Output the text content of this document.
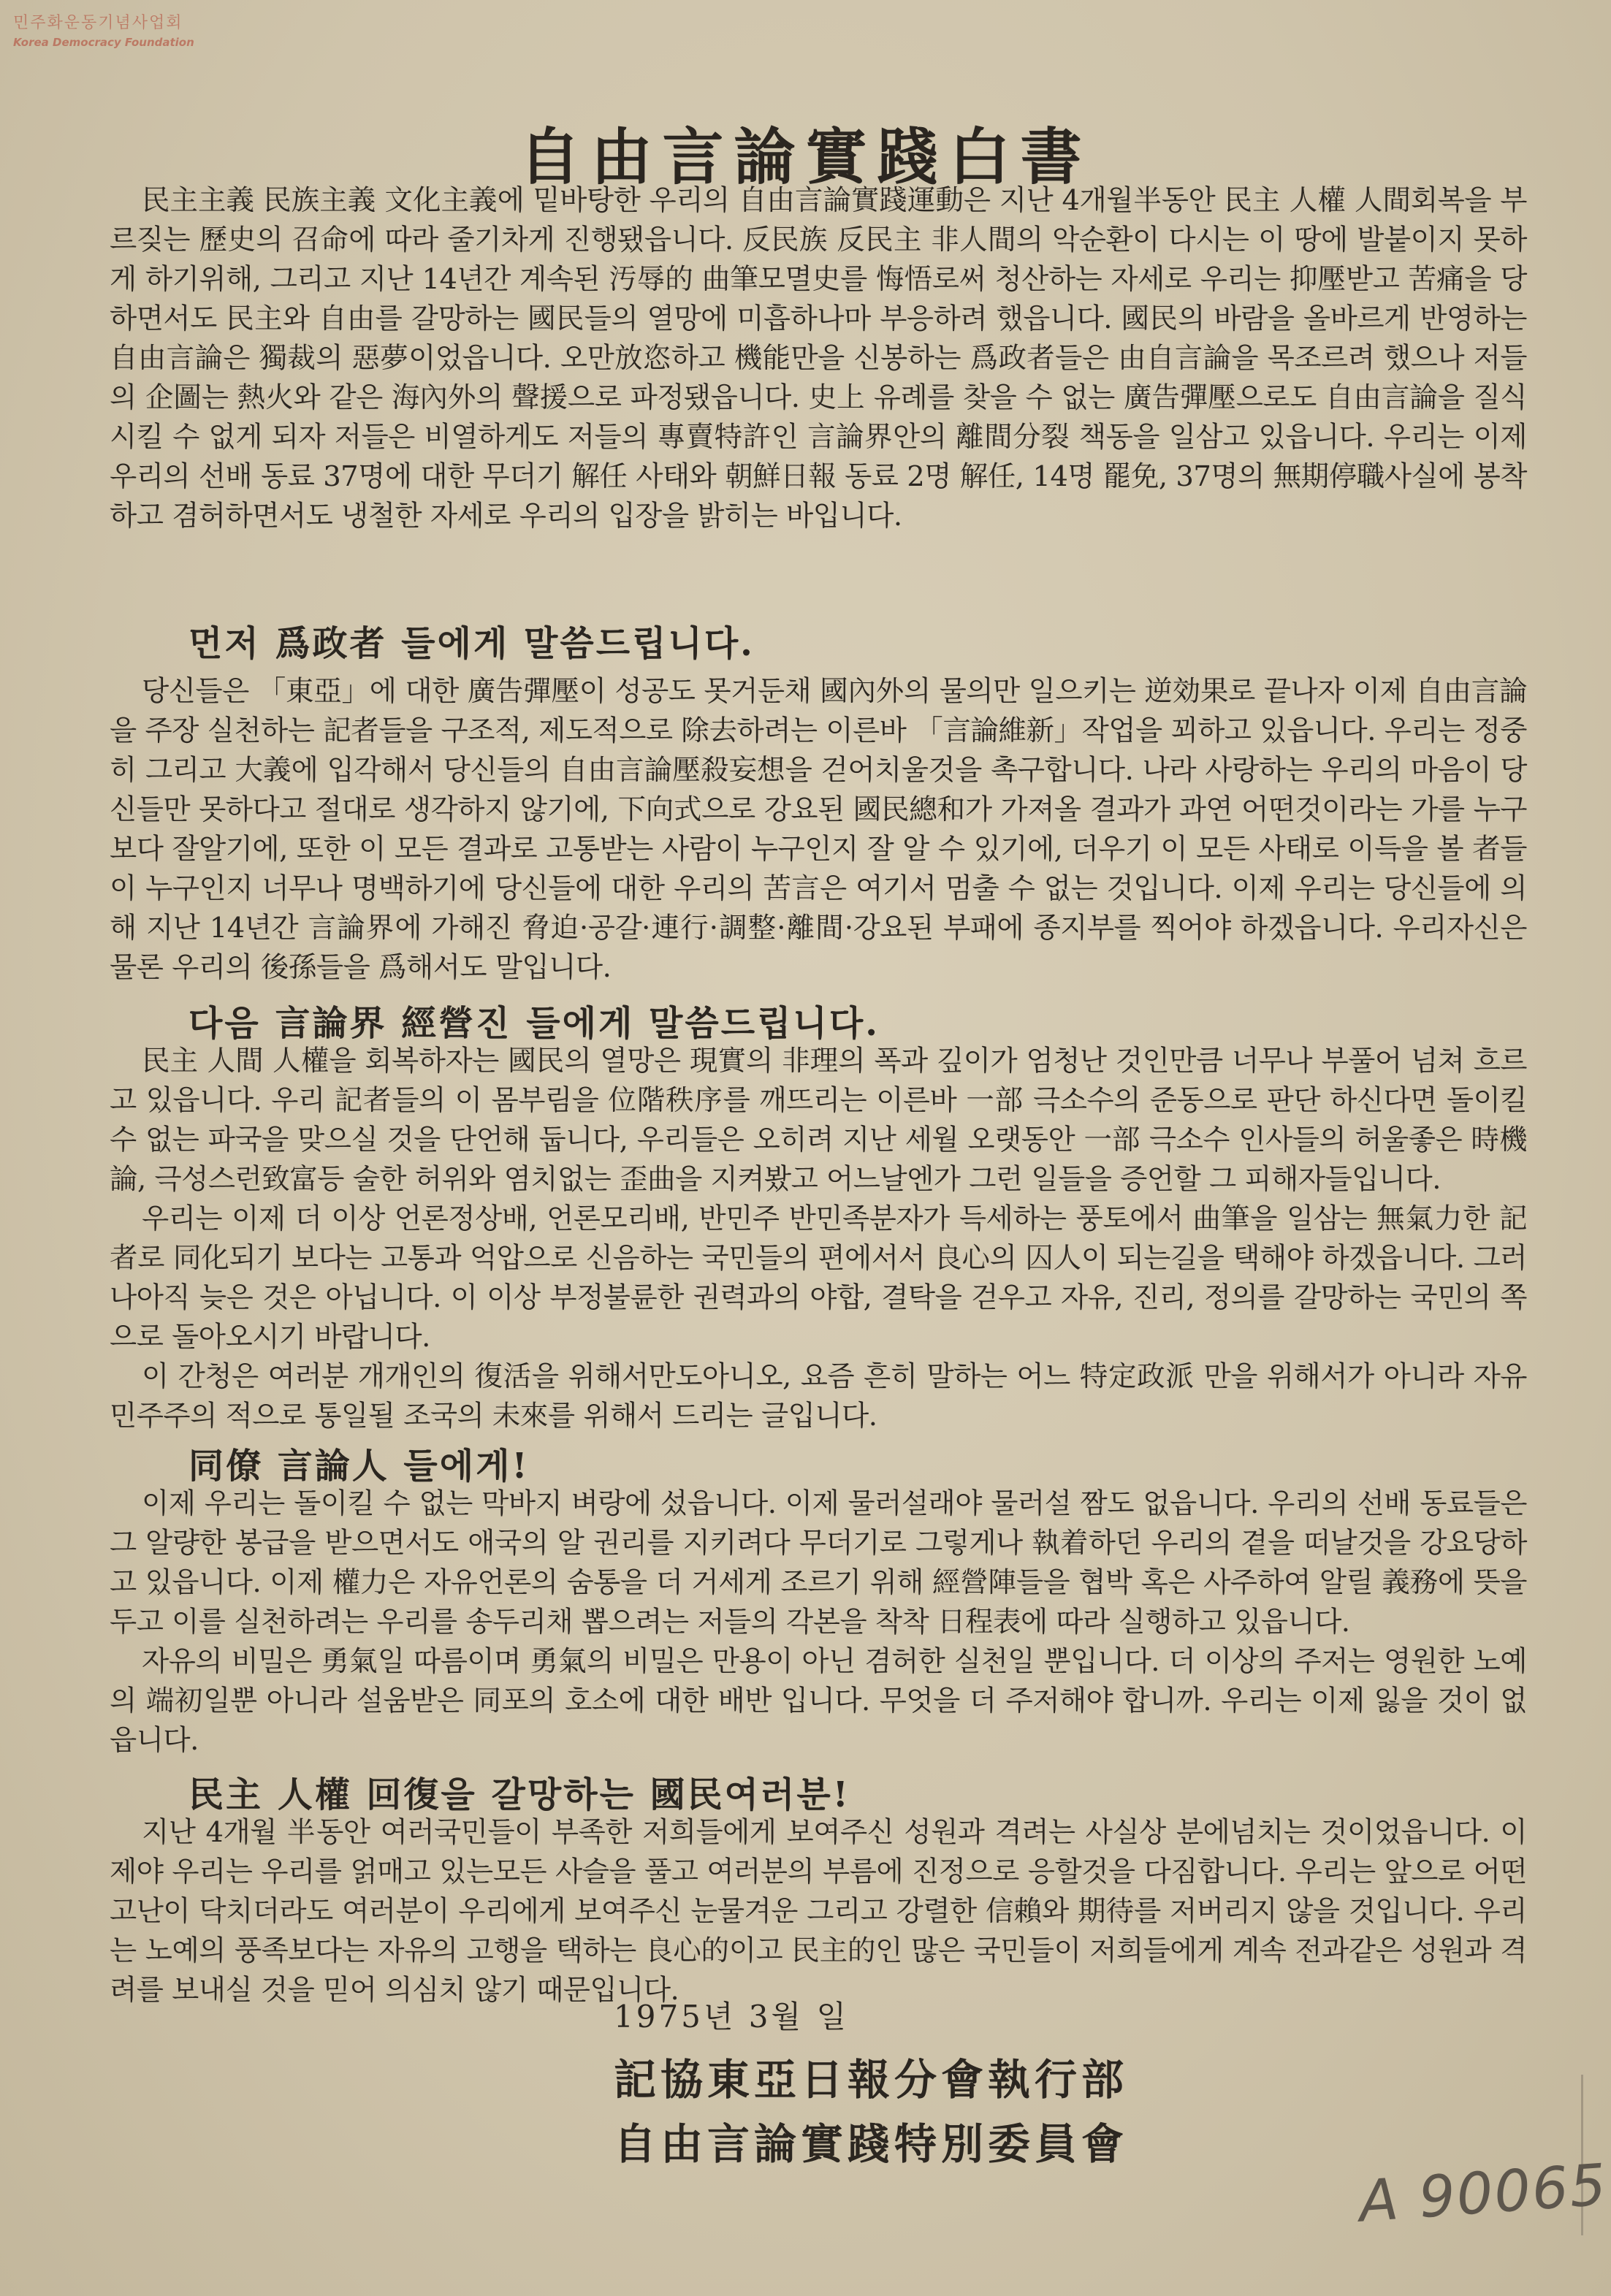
민주화운동기념사업회
Korea Democracy Foundation
自由言論實踐白書

民主主義 民族主義 文化主義에 밑바탕한 우리의 自由言論實踐運動은 지난 4개월半동안 民主 人權 人間회복을 부르짖는 歷史의 召命에 따라 줄기차게 진행됐읍니다. 反民族 反民主 非人間의 악순환이 다시는 이 땅에 발붙이지 못하게 하기위해, 그리고 지난 14년간 계속된 汚辱的 曲筆모멸史를 悔悟로써 청산하는 자세로 우리는 抑壓받고 苦痛을 당하면서도 民主와 自由를 갈망하는 國民들의 열망에 미흡하나마 부응하려 했읍니다. 國民의 바람을 올바르게 반영하는 自由言論은 獨裁의 惡夢이었읍니다. 오만放恣하고 機能만을 신봉하는 爲政者들은 由自言論을 목조르려 했으나 저들의 企圖는 熱火와 같은 海內外의 聲援으로 파정됐읍니다. 史上 유례를 찾을 수 없는 廣告彈壓으로도 自由言論을 질식 시킬 수 없게 되자 저들은 비열하게도 저들의 專賣特許인 言論界안의 離間分裂 책동을 일삼고 있읍니다. 우리는 이제 우리의 선배 동료 37명에 대한 무더기 解任 사태와 朝鮮日報 동료 2명 解任, 14명 罷免, 37명의 無期停職사실에 봉착하고 겸허하면서도 냉철한 자세로 우리의 입장을 밝히는 바입니다.

먼저 爲政者 들에게 말씀드립니다.

당신들은 「東亞」에 대한 廣告彈壓이 성공도 못거둔채 國內外의 물의만 일으키는 逆効果로 끝나자 이제 自由言論을 주장 실천하는 記者들을 구조적, 제도적으로 除去하려는 이른바 「言論維新」작업을 꾀하고 있읍니다. 우리는 정중히 그리고 大義에 입각해서 당신들의 自由言論壓殺妄想을 걷어치울것을 촉구합니다. 나라 사랑하는 우리의 마음이 당신들만 못하다고 절대로 생각하지 않기에, 下向式으로 강요된 國民總和가 가져올 결과가 과연 어떤것이라는 가를 누구보다 잘알기에, 또한 이 모든 결과로 고통받는 사람이 누구인지 잘 알 수 있기에, 더우기 이 모든 사태로 이득을 볼 者들이 누구인지 너무나 명백하기에 당신들에 대한 우리의 苦言은 여기서 멈출 수 없는 것입니다. 이제 우리는 당신들에 의해 지난 14년간 言論界에 가해진 脅迫·공갈·連行·調整·離間·강요된 부패에 종지부를 찍어야 하겠읍니다. 우리자신은 물론 우리의 後孫들을 爲해서도 말입니다.

다음 言論界 經營진 들에게 말씀드립니다.

民主 人間 人權을 회복하자는 國民의 열망은 現實의 非理의 폭과 깊이가 엄청난 것인만큼 너무나 부풀어 넘쳐 흐르고 있읍니다. 우리 記者들의 이 몸부림을 位階秩序를 깨뜨리는 이른바 一部 극소수의 준동으로 판단 하신다면 돌이킬 수 없는 파국을 맞으실 것을 단언해 둡니다, 우리들은 오히려 지난 세월 오랫동안 一部 극소수 인사들의 허울좋은 時機論, 극성스런致富등 술한 허위와 염치없는 歪曲을 지켜봤고 어느날엔가 그런 일들을 증언할 그 피해자들입니다.

우리는 이제 더 이상 언론정상배, 언론모리배, 반민주 반민족분자가 득세하는 풍토에서 曲筆을 일삼는 無氣力한 記者로 同化되기 보다는 고통과 억압으로 신음하는 국민들의 편에서서 良心의 囚人이 되는길을 택해야 하겠읍니다. 그러나아직 늦은 것은 아닙니다. 이 이상 부정불륜한 권력과의 야합, 결탁을 걷우고 자유, 진리, 정의를 갈망하는 국민의 쪽으로 돌아오시기 바랍니다.

이 간청은 여러분 개개인의 復活을 위해서만도아니오, 요즘 흔히 말하는 어느 特定政派 만을 위해서가 아니라 자유민주주의 적으로 통일될 조국의 未來를 위해서 드리는 글입니다.

同僚 言論人 들에게!

이제 우리는 돌이킬 수 없는 막바지 벼랑에 섰읍니다. 이제 물러설래야 물러설 짬도 없읍니다. 우리의 선배 동료들은 그 알량한 봉급을 받으면서도 애국의 알 권리를 지키려다 무더기로 그렇게나 執着하던 우리의 곁을 떠날것을 강요당하고 있읍니다. 이제 權力은 자유언론의 숨통을 더 거세게 조르기 위해 經營陣들을 협박 혹은 사주하여 알릴 義務에 뜻을 두고 이를 실천하려는 우리를 송두리채 뽑으려는 저들의 각본을 착착 日程表에 따라 실행하고 있읍니다.

자유의 비밀은 勇氣일 따름이며 勇氣의 비밀은 만용이 아닌 겸허한 실천일 뿐입니다. 더 이상의 주저는 영원한 노예의 端初일뿐 아니라 설움받은 同포의 호소에 대한 배반 입니다. 무엇을 더 주저해야 합니까. 우리는 이제 잃을 것이 없읍니다.

民主 人權 回復을 갈망하는 國民여러분!

지난 4개월 半동안 여러국민들이 부족한 저희들에게 보여주신 성원과 격려는 사실상 분에넘치는 것이었읍니다. 이제야 우리는 우리를 얽매고 있는모든 사슬을 풀고 여러분의 부름에 진정으로 응할것을 다짐합니다. 우리는 앞으로 어떤 고난이 닥치더라도 여러분이 우리에게 보여주신 눈물겨운 그리고 강렬한 信賴와 期待를 저버리지 않을 것입니다. 우리는 노예의 풍족보다는 자유의 고행을 택하는 良心的이고 民主的인 많은 국민들이 저희들에게 계속 전과같은 성원과 격려를 보내실 것을 믿어 의심치 않기 때문입니다.

1975년 3월 일
記協東亞日報分會執行部
自由言論實踐特別委員會
A 90065
